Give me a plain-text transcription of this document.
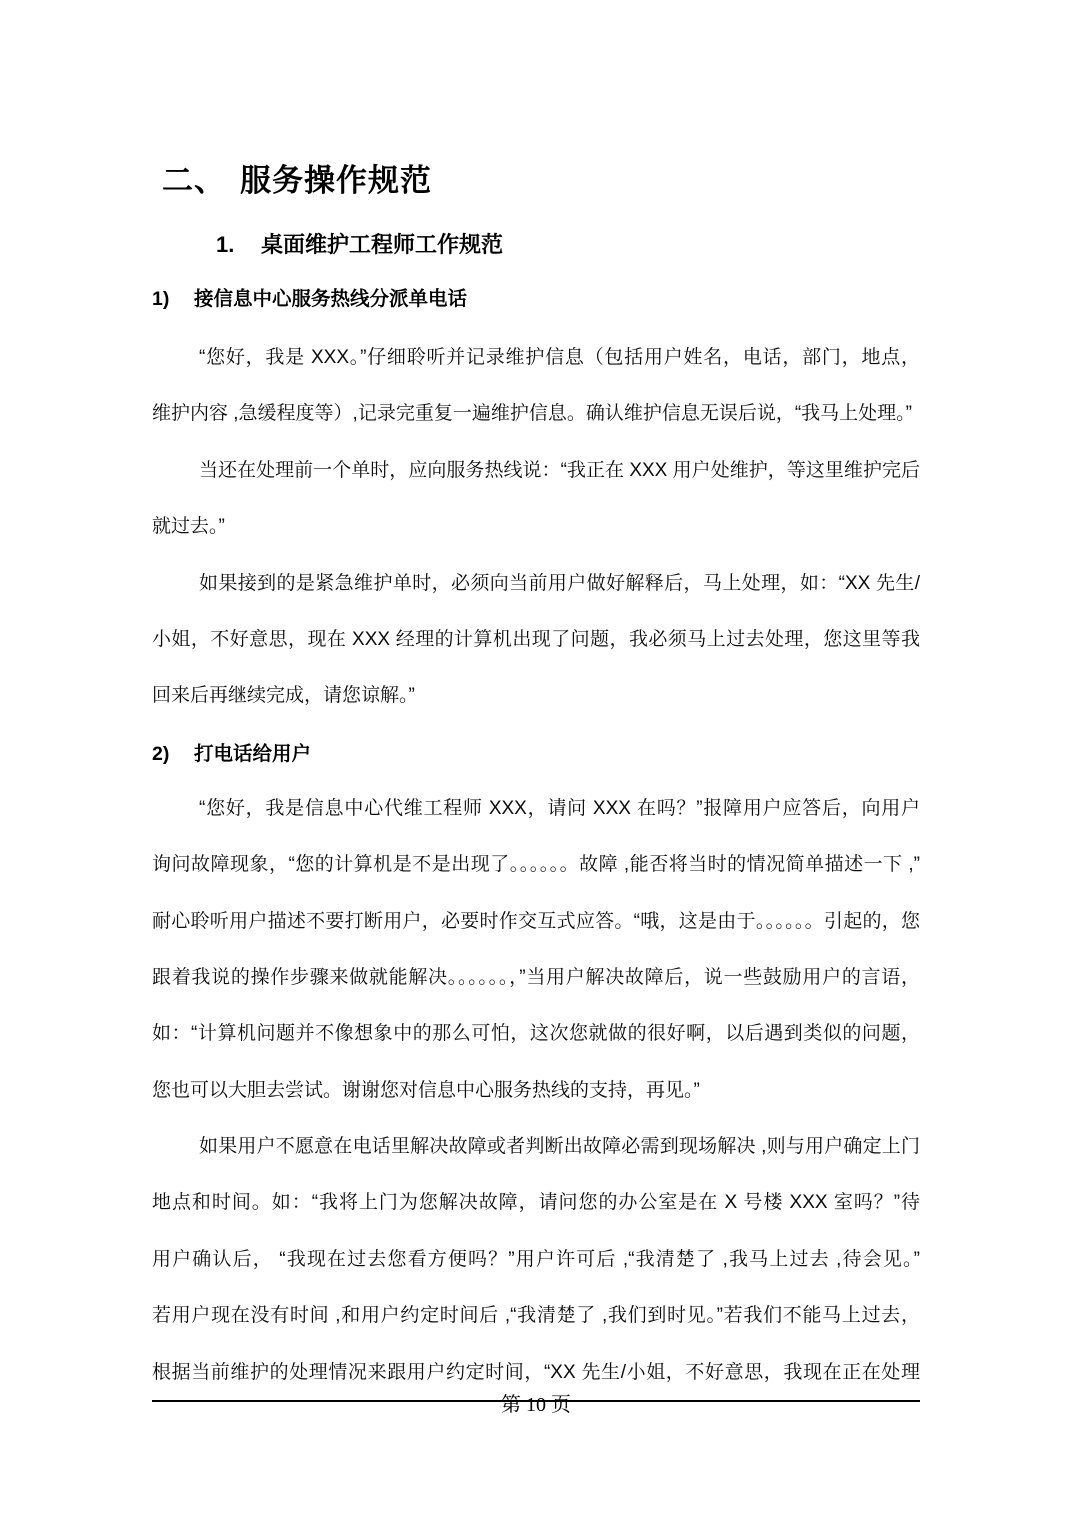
二、 服务操作规范
1. 桌面维护工程师工作规范
1) 接信息中心服务热线分派单电话
“您好，我是 XXX。”仔细聆听并记录维护信息（包括用户姓名，电话，部门，地点，
维护内容 ,急缓程度等）,记录完重复一遍维护信息。确认维护信息无误后说，“我马上处理。”
当还在处理前一个单时，应向服务热线说：“我正在 XXX 用户处维护，等这里维护完后
就过去。”
如果接到的是紧急维护单时，必须向当前用户做好解释后，马上处理，如：“XX 先生/
小姐，不好意思，现在 XXX 经理的计算机出现了问题，我必须马上过去处理，您这里等我
回来后再继续完成，请您谅解。”
2) 打电话给用户
“您好，我是信息中心代维工程师 XXX，请问 XXX 在吗？”报障用户应答后，向用户
询问故障现象，“您的计算机是不是出现了。。。。。。故障 ,能否将当时的情况简单描述一下 ,”
耐心聆听用户描述不要打断用户，必要时作交互式应答。“哦，这是由于。。。。。。引起的，您
跟着我说的操作步骤来做就能解决。。。。。。，”当用户解决故障后，说一些鼓励用户的言语，
如：“计算机问题并不像想象中的那么可怕，这次您就做的很好啊，以后遇到类似的问题，
您也可以大胆去尝试。谢谢您对信息中心服务热线的支持，再见。”
如果用户不愿意在电话里解决故障或者判断出故障必需到现场解决 ,则与用户确定上门
地点和时间。如：“我将上门为您解决故障，请问您的办公室是在 X 号楼 XXX 室吗？”待
用户确认后， “我现在过去您看方便吗？”用户许可后 ,“我清楚了 ,我马上过去 ,待会见。”
若用户现在没有时间 ,和用户约定时间后 ,“我清楚了 ,我们到时见。”若我们不能马上过去，
根据当前维护的处理情况来跟用户约定时间，“XX 先生/小姐，不好意思，我现在正在处理
第 10 页
